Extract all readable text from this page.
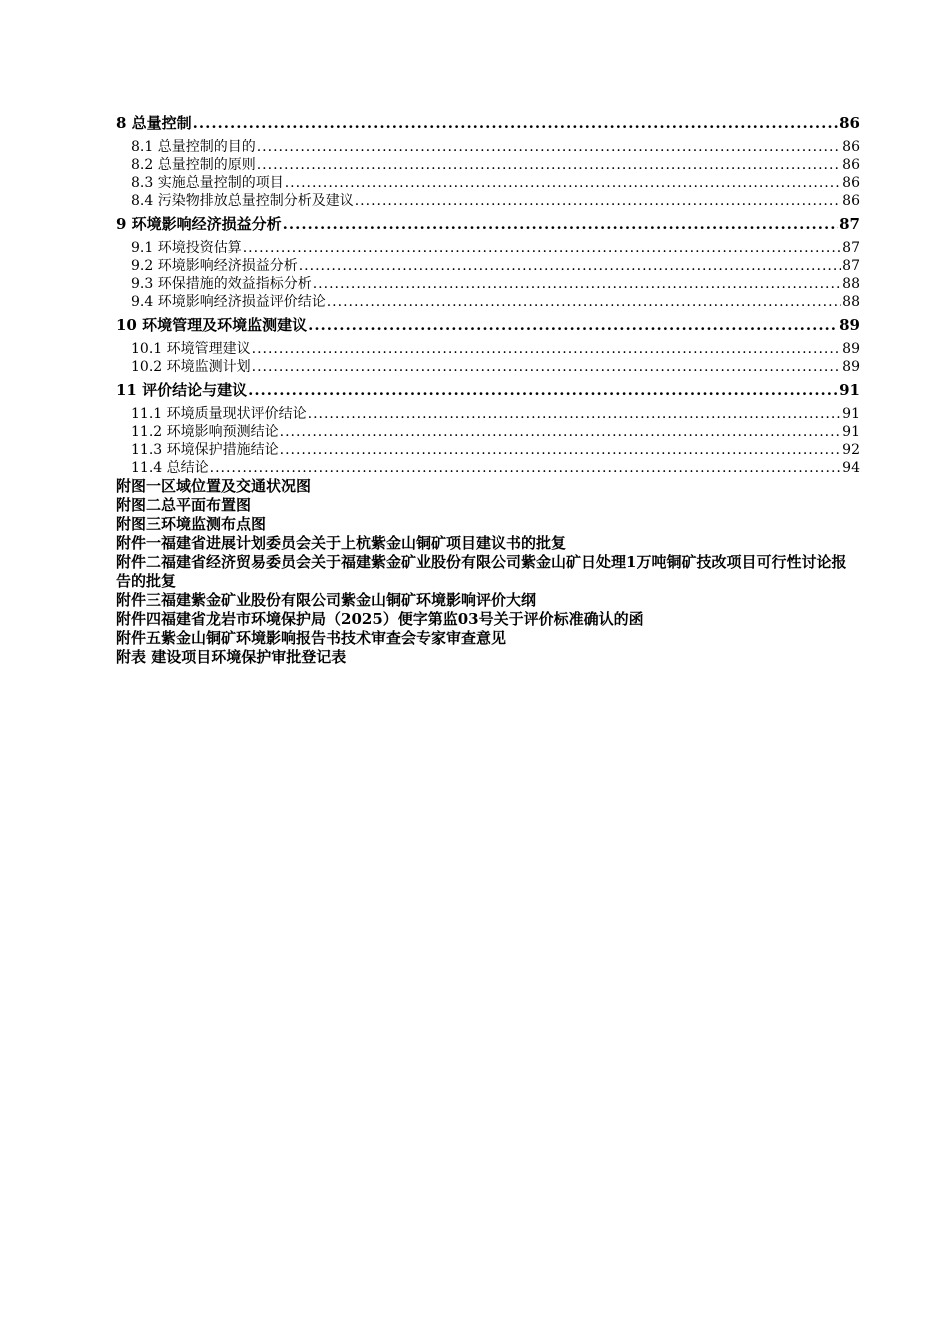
8 总量控制 .....	86
8.1 总量控制的目的 .....	86
8.2 总量控制的原则 .....	86
8.3 实施总量控制的项目 .....	86
8.4 污染物排放总量控制分析及建议 .....	86
9 环境影响经济损益分析 .....	87
9.1 环境投资估算 .....	87
9.2 环境影响经济损益分析 .....	87
9.3 环保措施的效益指标分析 .....	88
9.4 环境影响经济损益评价结论 .....	88
10 环境管理及环境监测建议 .....	89
10.1 环境管理建议 .....	89
10.2 环境监测计划 .....	89
11 评价结论与建议 .....	91
11.1 环境质量现状评价结论 .....	91
11.2 环境影响预测结论 .....	91
11.3 环境保护措施结论 .....	92
11.4 总结论 .....	94
附图一区域位置及交通状况图
附图二总平面布置图
附图三环境监测布点图
附件一福建省进展计划委员会关于上杭紫金山铜矿项目建议书的批复
附件二福建省经济贸易委员会关于福建紫金矿业股份有限公司紫金山矿日处理1万吨铜矿技改项目可行性讨论报告的批复
附件三福建紫金矿业股份有限公司紫金山铜矿环境影响评价大纲
附件四福建省龙岩市环境保护局（2025）便字第监03号关于评价标准确认的函
附件五紫金山铜矿环境影响报告书技术审查会专家审查意见
附表 建设项目环境保护审批登记表
